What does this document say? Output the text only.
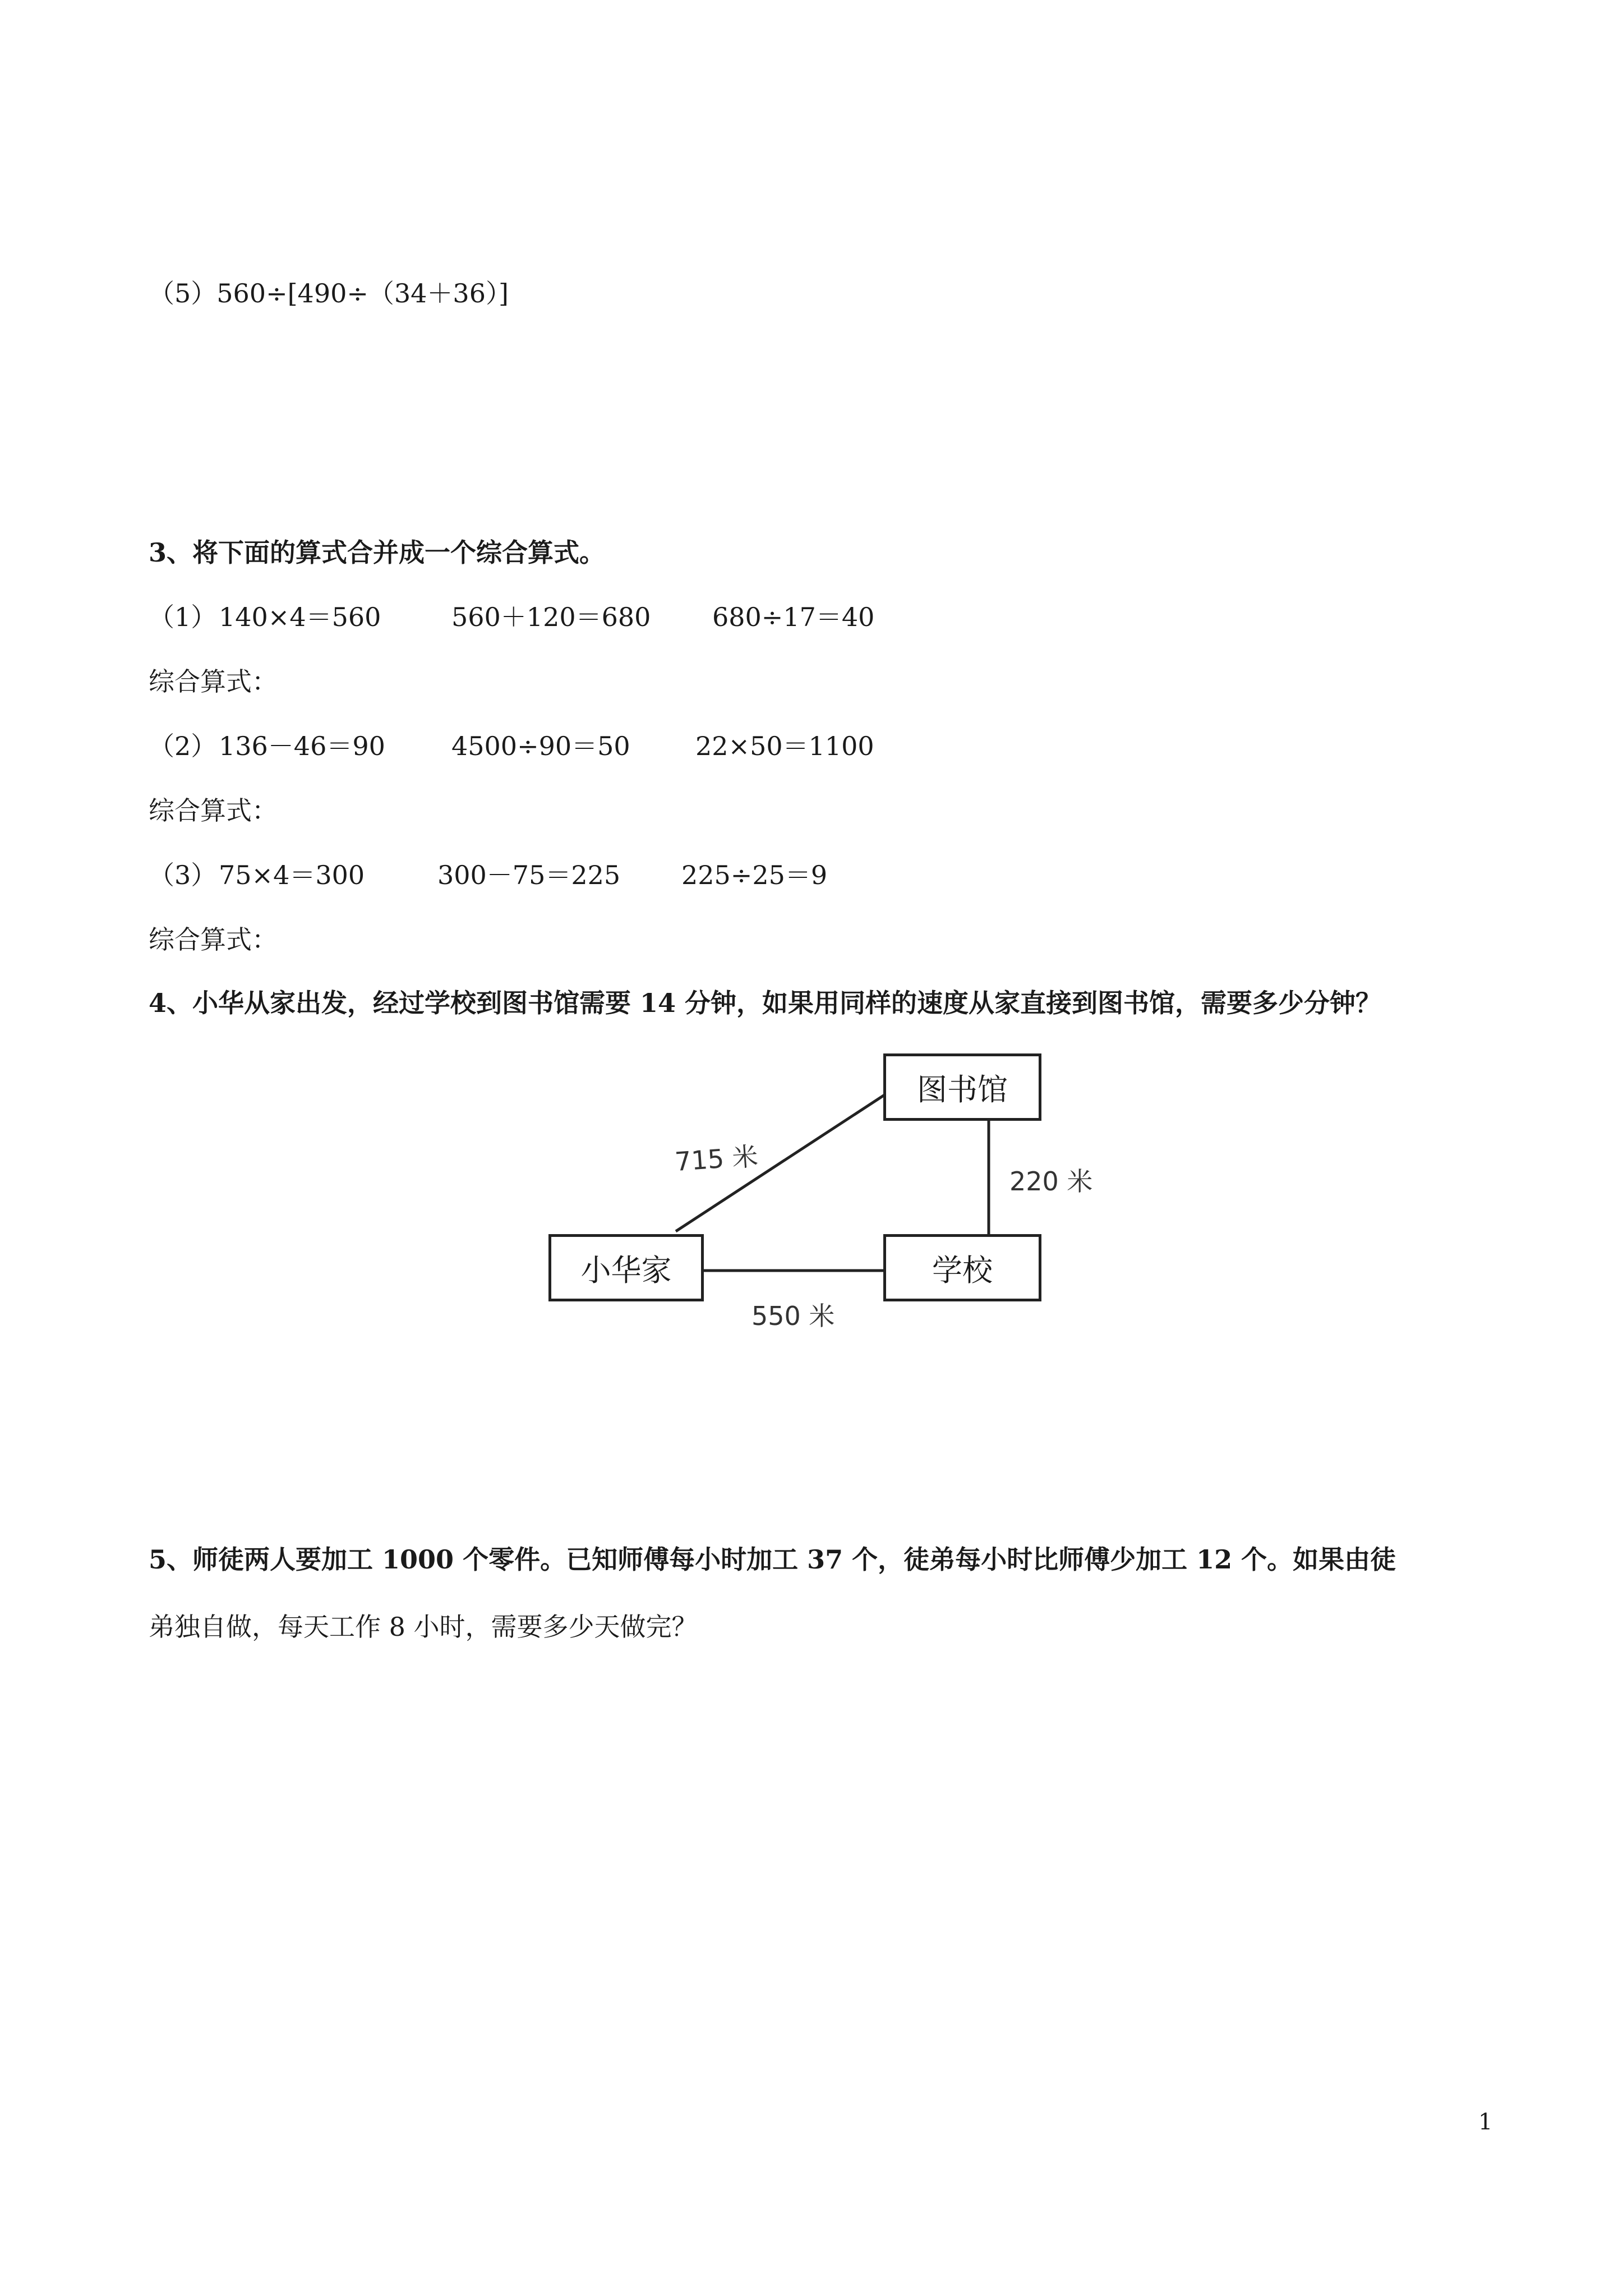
（5）560÷[490÷（34＋36）]
3、将下面的算式合并成一个综合算式。
（1） 140×4＝560	560＋120＝680 680÷17＝40
综合算式：
（2） 136－46＝90	4500÷90＝50	22×50＝1100
综合算式：
（3） 75×4＝300	300－75＝225 225÷25＝9
综合算式：
4、小华从家出发，经过学校到图书馆需要 14 分钟，如果用同样的速度从家直接到图书馆，需要多少分钟？
图书馆
小华家	学校
715 米
220 米
550 米
5、师徒两人要加工 1000 个零件。已知师傅每小时加工 37 个，徒弟每小时比师傅少加工 12 个。如果由徒
弟独自做，每天工作 8 小时，需要多少天做完？
1
